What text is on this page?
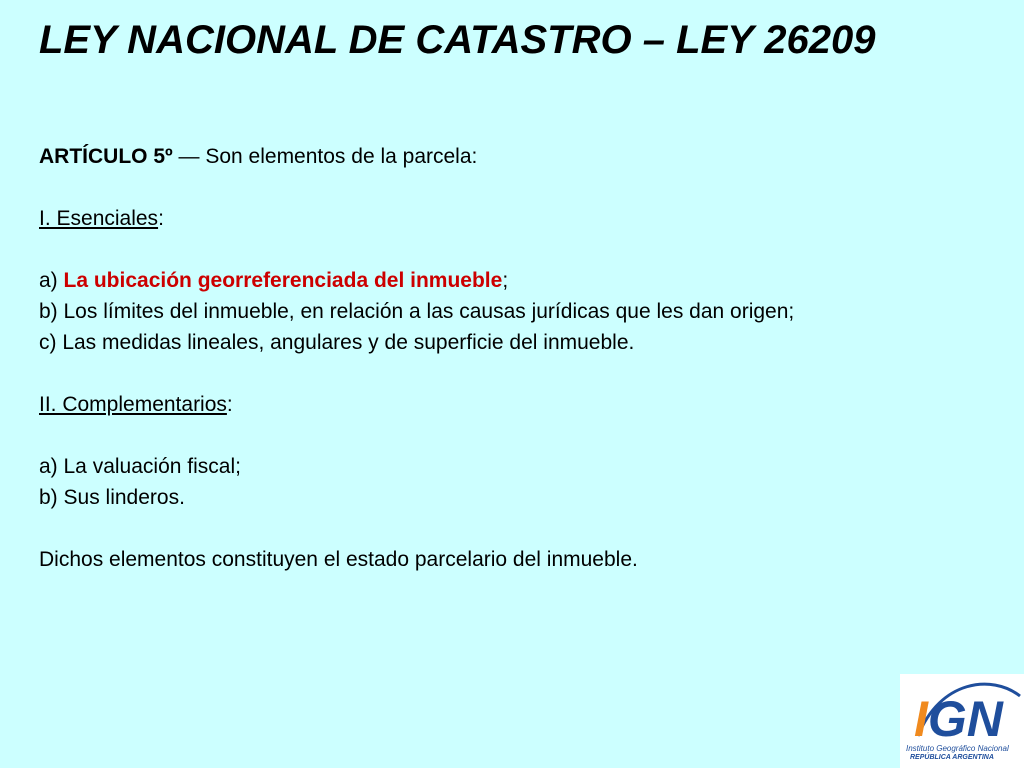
LEY NACIONAL DE CATASTRO – LEY 26209
ARTÍCULO 5º — Son elementos de la parcela:
I. Esenciales:
a) La ubicación georreferenciada del inmueble;
b) Los límites del inmueble, en relación a las causas jurídicas que les dan origen;
c) Las medidas lineales, angulares y de superficie del inmueble.
II. Complementarios:
a) La valuación fiscal;
b) Sus linderos.
Dichos elementos constituyen el estado parcelario del inmueble.
IGN
Instituto Geográfico Nacional
REPÚBLICA ARGENTINA
